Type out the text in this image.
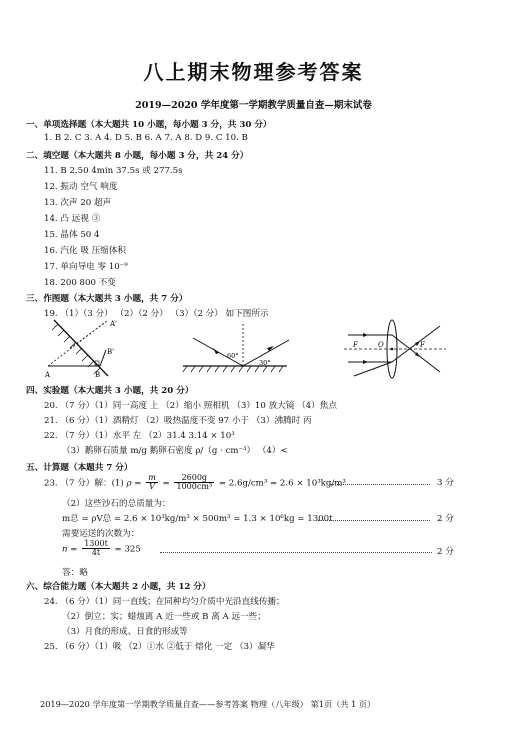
八上期末物理参考答案
2019—2020 学年度第一学期教学质量自查—期末试卷
一、单项选择题（本大题共 10 小题，每小题 3 分，共 30 分）
1. B 2. C 3. A 4. D 5. B 6. A 7. A 8. D 9. C 10. B
二、填空题（本大题共 8 小题，每小题 3 分，共 24 分）
11. B 2.50 4min 37.5s 或 277.5s
12. 振动 空气 响度
13. 次声 20 超声
14. 凸 远视 ③
15. 晶体 50 4
16. 汽化 吸 压缩体积
17. 单向导电 零 10⁻⁹
18. 200 800 不变
三、作图题（本大题共 3 小题，共 7 分）
19. （1）（3 分） （2）（2 分） （3）（2 分） 如下图所示
A'
B'
A	B
60°
30°
F	O	F
四、实验题（本大题共 3 小题，共 20 分）
20. （7 分）（1）同一高度 上 （2）缩小 照相机 （3）10 放大镜 （4）焦点
21. （6 分）（1）酒精灯 （2）吸热温度不变 97 小于 （3）沸腾时 丙
22. （7 分）（1）水平 左 （2）31.4 3.14 × 10³
（3）鹅卵石质量 m/g 鹅卵石密度 ρ/（g · cm⁻³） （4）<
五、计算题（本题共 7 分）
23. （7 分）解：(1) $\rho = \frac{m}{V} = \frac{2600g}{\text{1000cm³}} = 2.6g/cm^3 = 2.6 \times 10^3kg/m^3$	3 分
（2）这些沙石的总质量为：
m总 = ρV总 = 2.6 × 10³kg/m³ × 500m³ = 1.3 × 10⁶kg = 1300t	2 分
需要运送的次数为：
$n = \frac{1300t}{4t} = 325$	2 分
答：略
六、综合能力题（本大题共 2 小题，共 12 分）
24. （6 分）（1）同一直线；在同种均匀介质中光沿直线传播；
（2）倒立；实；蜡烛离 A 近一些或 B 离 A 远一些；
（3）月食的形成、日食的形成等
25. （6 分）（1）吸 （2）①水 ②低于 熔化 一定 （3）凝华
2019—2020 学年度第一学期教学质量自查——参考答案 物理（八年级） 第1页（共 1 页）
